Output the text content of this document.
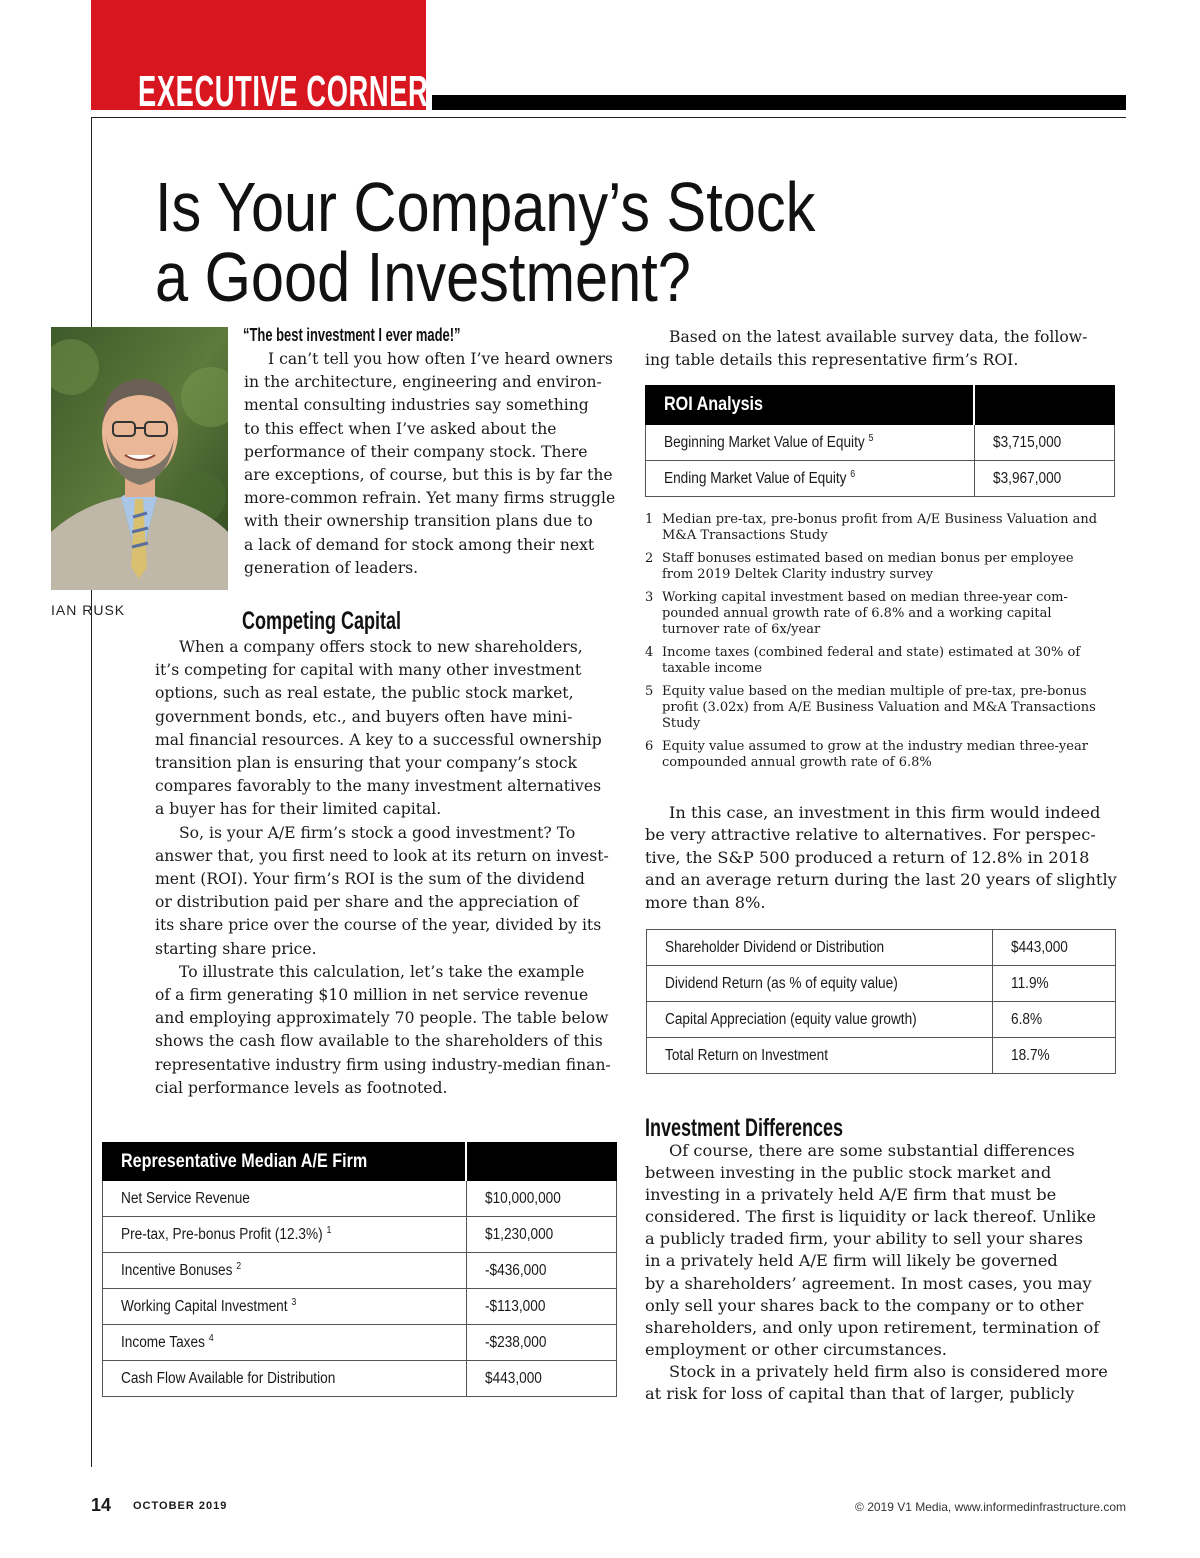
EXECUTIVE CORNER
Is Your Company’s Stock
a Good Investment?
IAN RUSK
“The best investment I ever made!”
I can’t tell you how often I’ve heard owners
in the architecture, engineering and environ-
mental consulting industries say something
to this effect when I’ve asked about the
performance of their company stock. There
are exceptions, of course, but this is by far the
more-common refrain. Yet many firms struggle
with their ownership transition plans due to
a lack of demand for stock among their next
generation of leaders.
Competing Capital
When a company offers stock to new shareholders,
it’s competing for capital with many other investment
options, such as real estate, the public stock market,
government bonds, etc., and buyers often have mini-
mal financial resources. A key to a successful ownership
transition plan is ensuring that your company’s stock
compares favorably to the many investment alternatives
a buyer has for their limited capital.
So, is your A/E firm’s stock a good investment? To
answer that, you first need to look at its return on invest-
ment (ROI). Your firm’s ROI is the sum of the dividend
or distribution paid per share and the appreciation of
its share price over the course of the year, divided by its
starting share price.
To illustrate this calculation, let’s take the example
of a firm generating $10 million in net service revenue
and employing approximately 70 people. The table below
shows the cash flow available to the shareholders of this
representative industry firm using industry-median finan-
cial performance levels as footnoted.
Representative Median A/E Firm	
Net Service Revenue	$10,000,000
Pre-tax, Pre-bonus Profit (12.3%) $^1$	$1,230,000
Incentive Bonuses $^2$	-$436,000
Working Capital Investment $^3$	-$113,000
Income Taxes $^4$	-$238,000
Cash Flow Available for Distribution	$443,000
Based on the latest available survey data, the follow-
ing table details this representative firm’s ROI.
ROI Analysis	
Beginning Market Value of Equity $^5$	$3,715,000
Ending Market Value of Equity $^6$	$3,967,000
1 Median pre-tax, pre-bonus profit from A/E Business Valuation and
M&A Transactions Study
2 Staff bonuses estimated based on median bonus per employee
from 2019 Deltek Clarity industry survey
3 Working capital investment based on median three-year com-
pounded annual growth rate of 6.8% and a working capital
turnover rate of 6x/year
4 Income taxes (combined federal and state) estimated at 30% of
taxable income
5 Equity value based on the median multiple of pre-tax, pre-bonus
profit (3.02x) from A/E Business Valuation and M&A Transactions
Study
6 Equity value assumed to grow at the industry median three-year
compounded annual growth rate of 6.8%
In this case, an investment in this firm would indeed
be very attractive relative to alternatives. For perspec-
tive, the S&P 500 produced a return of 12.8% in 2018
and an average return during the last 20 years of slightly
more than 8%.
Shareholder Dividend or Distribution	$443,000
Dividend Return (as % of equity value)	11.9%
Capital Appreciation (equity value growth)	6.8%
Total Return on Investment	18.7%
Investment Differences
Of course, there are some substantial differences
between investing in the public stock market and
investing in a privately held A/E firm that must be
considered. The first is liquidity or lack thereof. Unlike
a publicly traded firm, your ability to sell your shares
in a privately held A/E firm will likely be governed
by a shareholders’ agreement. In most cases, you may
only sell your shares back to the company or to other
shareholders, and only upon retirement, termination of
employment or other circumstances.
Stock in a privately held firm also is considered more
at risk for loss of capital than that of larger, publicly
14 OCTOBER 2019	© 2019 V1 Media, www.informedinfrastructure.com
